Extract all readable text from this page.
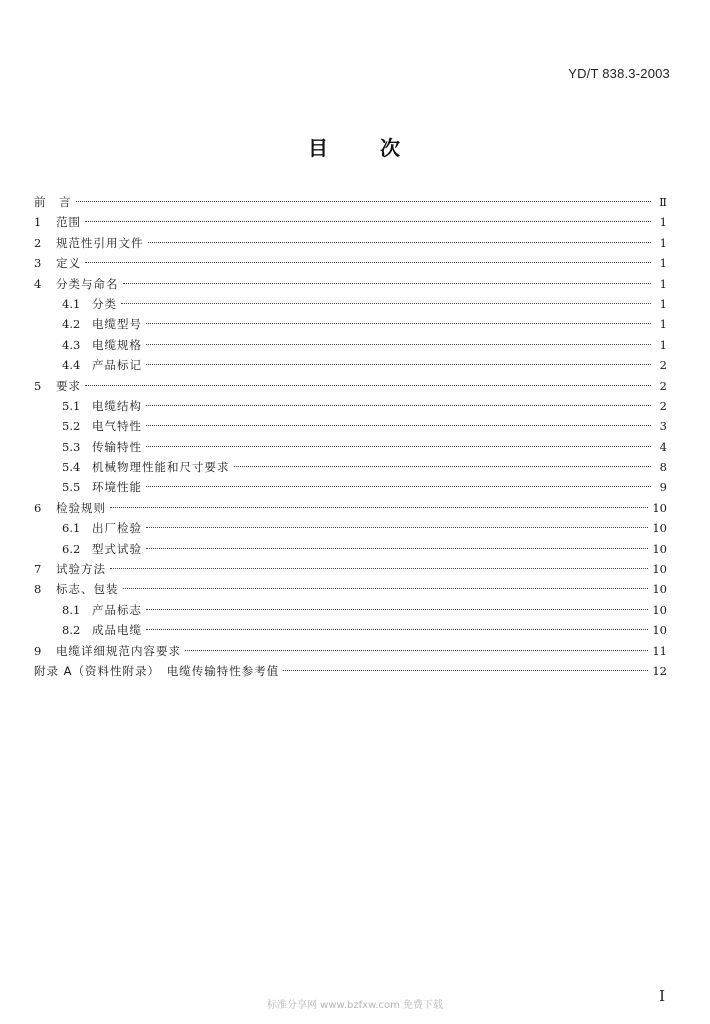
YD/T 838.3-2003
目	次
前　言	Ⅱ
1	范围	1
2	规范性引用文件	1
3	定义	1
4	分类与命名	1
4.1	分类	1
4.2	电缆型号	1
4.3	电缆规格	1
4.4	产品标记	2
5	要求	2
5.1	电缆结构	2
5.2	电气特性	3
5.3	传输特性	4
5.4	机械物理性能和尺寸要求	8
5.5	环境性能	9
6	检验规则	10
6.1	出厂检验	10
6.2	型式试验	10
7	试验方法	10
8	标志、包装	10
8.1	产品标志	10
8.2	成品电缆	10
9	电缆详细规范内容要求	11
附录 A（资料性附录）　电缆传输特性参考值	12
标准分享网 www.bzfxw.com 免费下载
I
